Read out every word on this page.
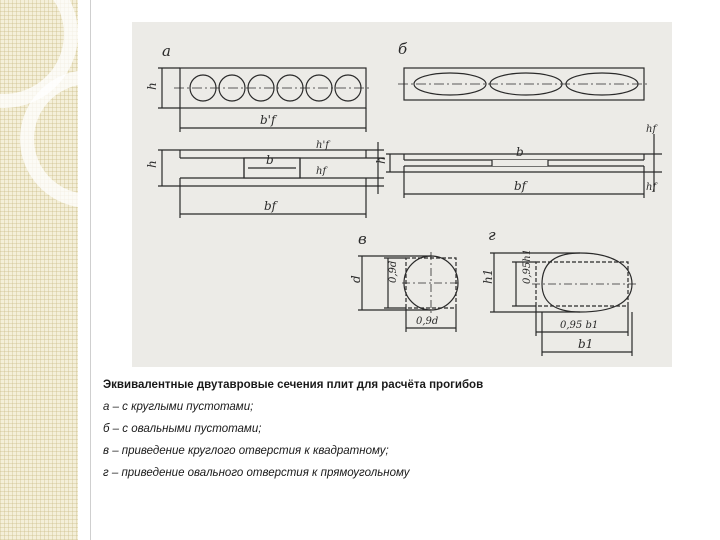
а	б
в	г
h
b'f
h	b
h'f
hf
bf
h
b
hf
hf
bf
d	0,9d
0,9d
h1	0,95h1
0,95 b1
b1
Эквивалентные двутавровые сечения плит для расчёта прогибов
а – с круглыми пустотами;
б – с овальными пустотами;
в – приведение круглого отверстия к квадратному;
г – приведение овального отверстия к прямоугольному
